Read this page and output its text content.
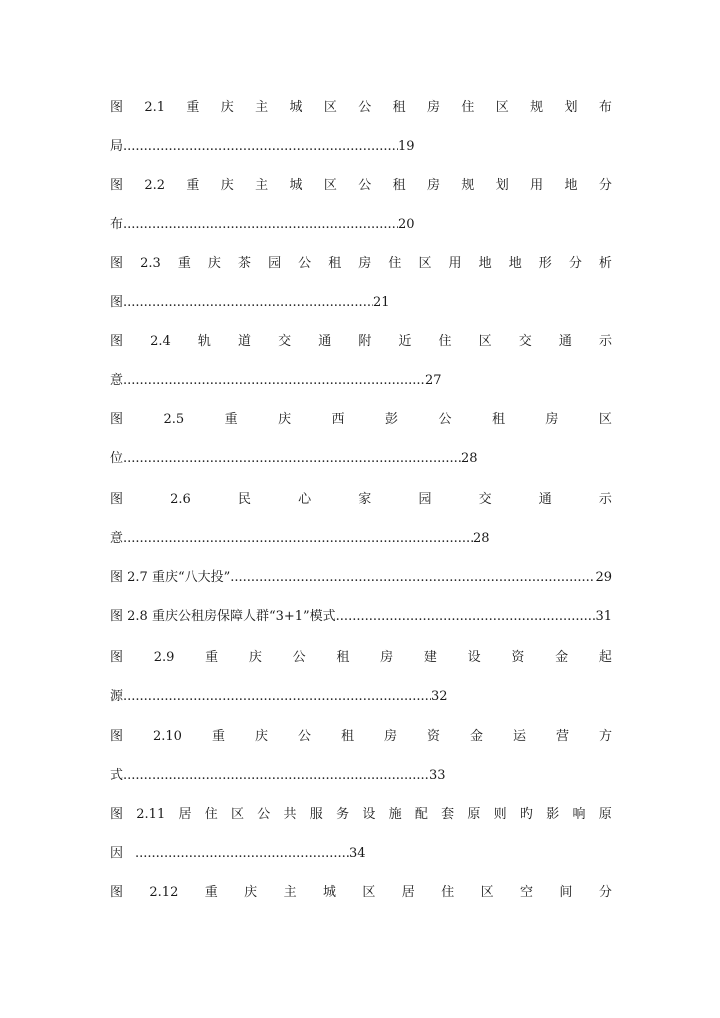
图 2.1 重 庆 主 城 区 公 租 房 住 区 规 划 布
局 .....	19
图 2.2 重 庆 主 城 区 公 租 房 规 划 用 地 分
布 .....	20
图 2.3 重 庆 茶 园 公 租 房 住 区 用 地 地 形 分 析
图 .....	21
图 2.4 轨 道 交 通 附 近 住 区 交 通 示
意 .....	27
图	2.5	重	庆	西	彭	公	租	房	区
位 .....	28
图	2.6	民	心	家	园	交	通	示
意 .....	28
图 2.7 重庆“八大投” .....	29
图 2.8 重庆公租房保障人群“3+1”模式 .....	31
图 2.9 重 庆 公 租 房 建 设 资 金 起
源 .....	32
图 2.10 重 庆 公 租 房 资 金 运 营 方
式 .....	33
图 2.11 居 住 区 公 共 服 务 设 施 配 套 原 则 旳 影 响 原
因 .....	34
图 2.12 重 庆 主 城 区 居 住 区 空 间 分
